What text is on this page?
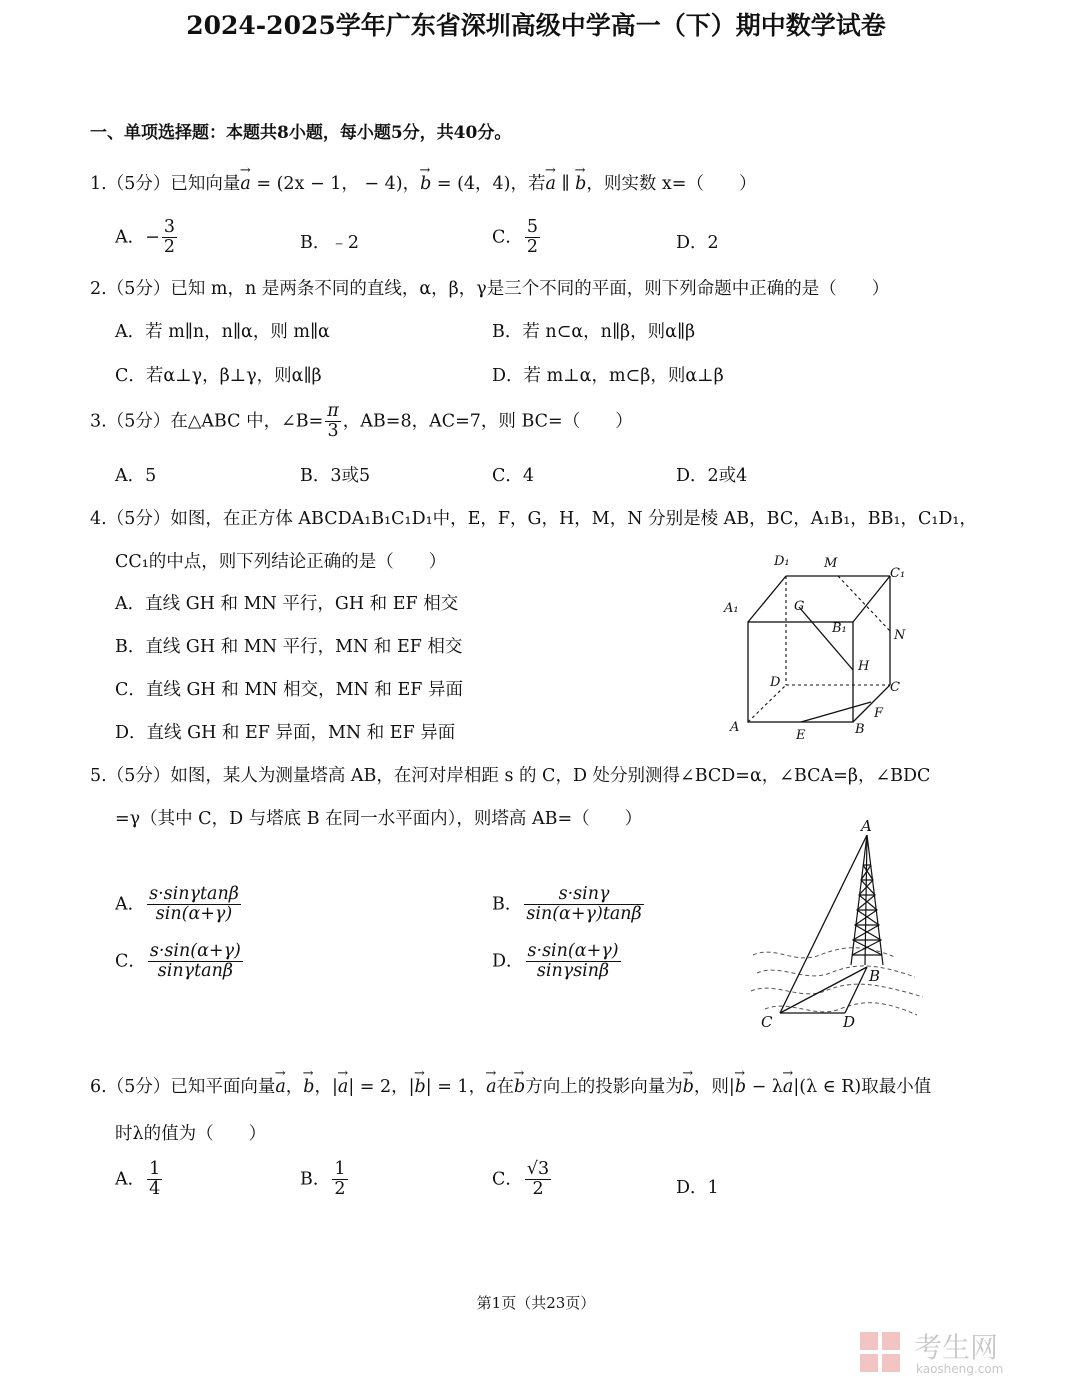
2024-2025学年广东省深圳高级中学高一（下）期中数学试卷
一、单项选择题：本题共8小题，每小题5分，共40分。
1.（5分）已知向量→ a = (2x − 1， − 4)，→ b = (4，4)，若→ a ∥ → b，则实数 x=（　　）
A．− $\frac{3}{2}$	B．﹣2	C． $\frac{5}{2}$	D．2
2.（5分）已知 m，n 是两条不同的直线，α，β，γ是三个不同的平面，则下列命题中正确的是（　　）
A．若 m∥n，n∥α，则 m∥α	B．若 n⊂α，n∥β，则α∥β
C．若α⊥γ，β⊥γ，则α∥β	D．若 m⊥α，m⊂β，则α⊥β
3.（5分）在△ABC 中，∠B= $\frac{\pi}{3}$ ，AB=8，AC=7，则 BC=（　　）
A．5	B．3或5	C．4	D．2或4
4.（5分）如图，在正方体 ABCDA₁B₁C₁D₁中，E，F，G，H，M，N 分别是棱 AB，BC，A₁B₁，BB₁，C₁D₁，
CC₁的中点，则下列结论正确的是（　　）
A．直线 GH 和 MN 平行，GH 和 EF 相交
B．直线 GH 和 MN 平行，MN 和 EF 相交
C．直线 GH 和 MN 相交，MN 和 EF 异面
D．直线 GH 和 EF 异面，MN 和 EF 异面
D₁	M
C₁
A₁	G
B₁	N
H
D	C
A
F
B
E
5.（5分）如图，某人为测量塔高 AB，在河对岸相距 s 的 C，D 处分别测得∠BCD=α，∠BCA=β，∠BDC
=γ（其中 C，D 与塔底 B 在同一水平面内），则塔高 AB=（　　）
A． $\frac{s\cdot\sin\gamma\tan\beta}{\sin(\alpha+\gamma)}$	B． $\frac{s\cdot\sin\gamma}{\sin(\alpha+\gamma)\tan\beta}$
C． $\frac{s\cdot\sin(\alpha+\gamma)}{\sin\gamma\tan\beta}$	D． $\frac{s\cdot\sin(\alpha+\gamma)}{\sin\gamma\sin\beta}$
A
B
C	D
6.（5分）已知平面向量→ a，→ b，|→ a| = 2，|→ b| = 1，→ a在→ b方向上的投影向量为→ b，则|→ b − λ→ a|(λ ∈ R)取最小值
时λ的值为（　　）
A． $\frac{1}{4}$	B． $\frac{1}{2}$	C． $\frac{√3}{2}$	D．1
第1页（共23页）
考生网
kaosheng.com
